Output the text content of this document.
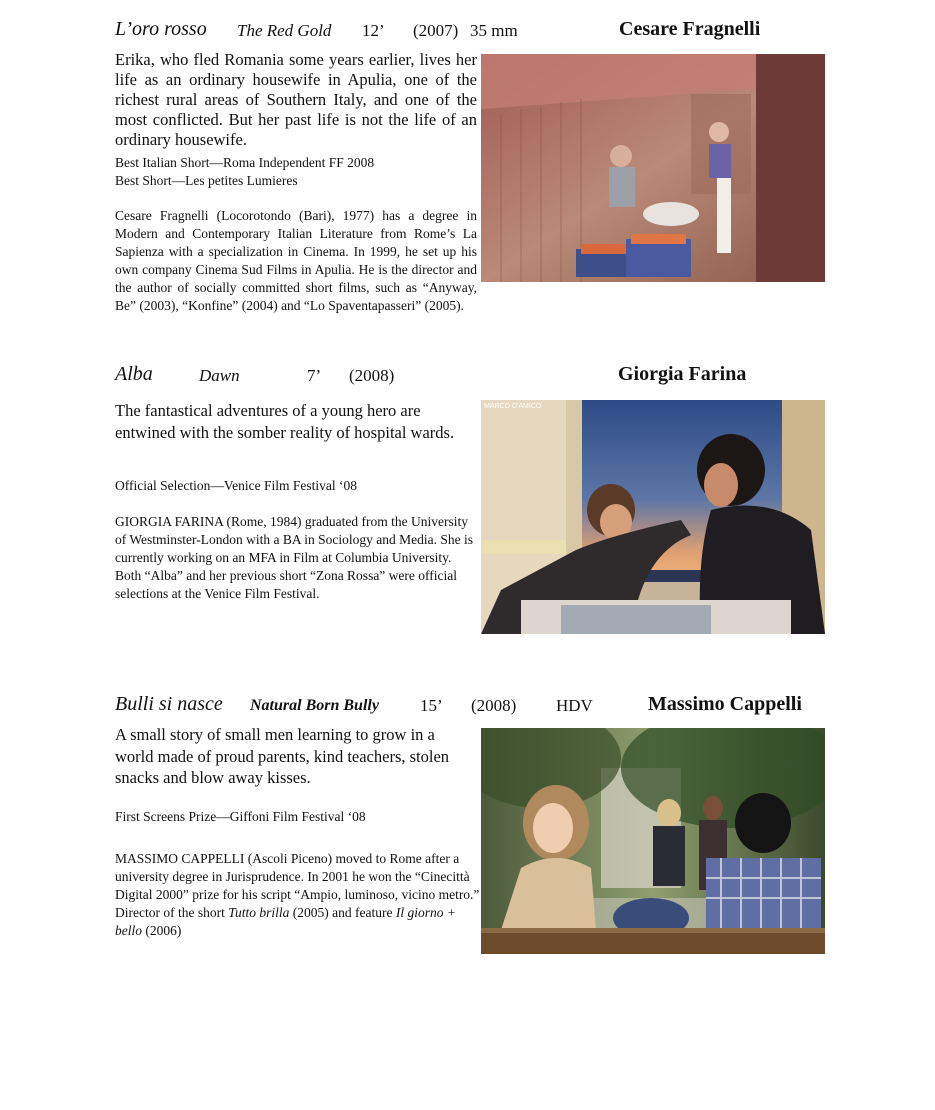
L’oro rosso The Red Gold 12’ (2007) 35 mm	Cesare Fragnelli

Erika, who fled Romania some years earlier, lives her life as an ordinary housewife in Apulia, one of the richest rural areas of Southern Italy, and one of the most conflicted. But her past life is not the life of an ordinary housewife.

Best Italian Short—Roma Independent FF 2008
Best Short—Les petites Lumieres

Cesare Fragnelli (Locorotondo (Bari), 1977) has a degree in Modern and Contemporary Italian Literature from Rome’s La Sapienza with a specialization in Cinema. In 1999, he set up his own company Cinema Sud Films in Apulia. He is the director and the author of socially committed short films, such as “Anyway, Be” (2003), “Konfine” (2004) and “Lo Spaventapasseri” (2005).

Alba	Dawn	7’ (2008)	Giorgia Farina

The fantastical adventures of a young hero are entwined with the somber reality of hospital wards.

Official Selection—Venice Film Festival ‘08

GIORGIA FARINA (Rome, 1984) graduated from the University of Westminster-London with a BA in Sociology and Media. She is currently working on an MFA in Film at Columbia University. Both “Alba” and her previous short “Zona Rossa” were official selections at the Venice Film Festival.

MARCO D'AMICO
Bulli si nasce Natural Born Bully 15’ (2008) HDV	Massimo Cappelli

A small story of small men learning to grow in a world made of proud parents, kind teachers, stolen snacks and blow away kisses.

First Screens Prize—Giffoni Film Festival ‘08

MASSIMO CAPPELLI (Ascoli Piceno) moved to Rome after a university degree in Jurisprudence. In 2001 he won the “Cinecittà Digital 2000” prize for his script “Ampio, luminoso, vicino metro.” Director of the short Tutto brilla (2005) and feature Il giorno + bello (2006)
